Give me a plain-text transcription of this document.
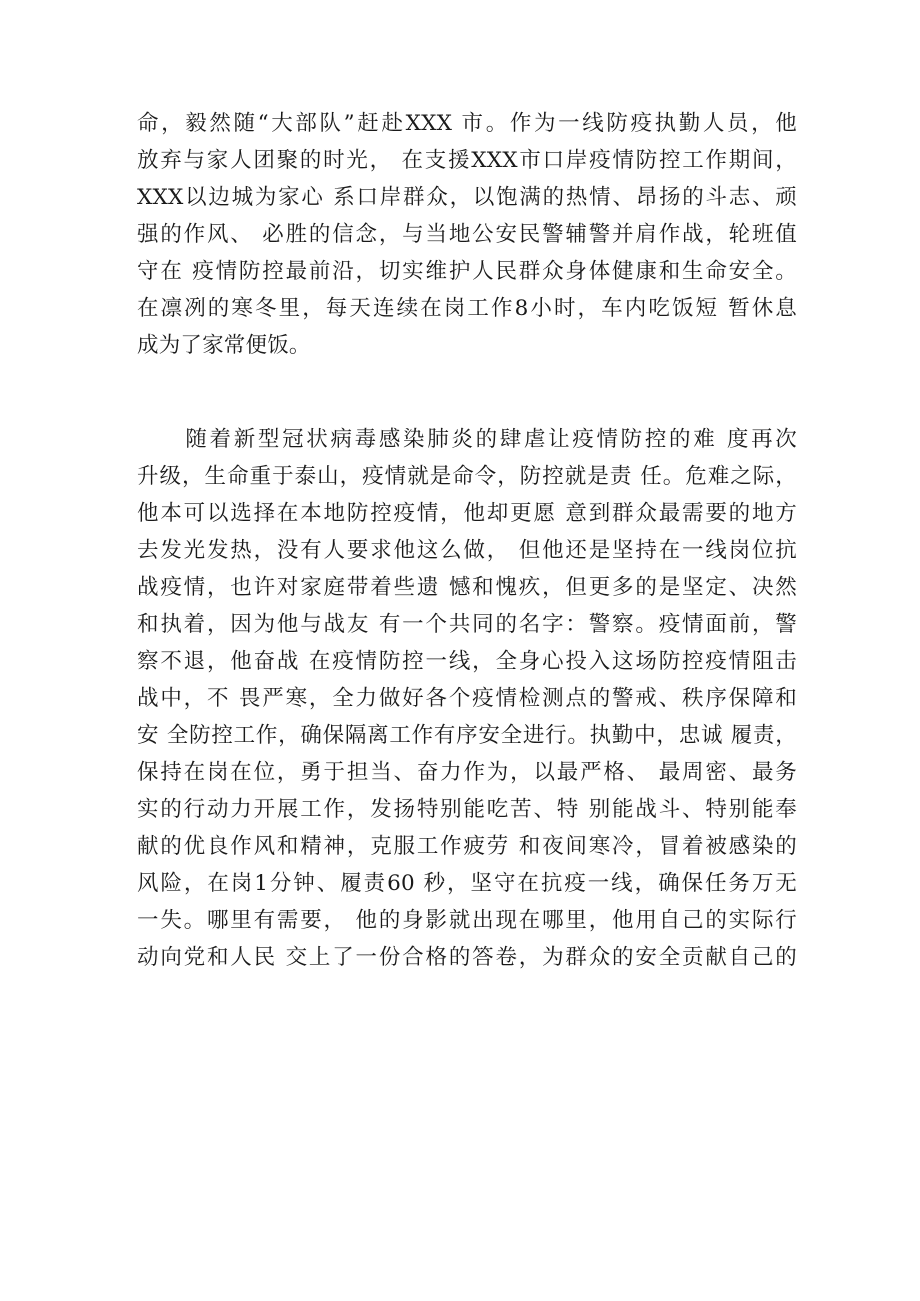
命，毅然随“大部队”赶赴XXX 市。作为一线防疫执勤人员，他
放弃与家人团聚的时光， 在支援XXX市口岸疫情防控工作期间，
XXX以边城为家心 系口岸群众，以饱满的热情、昂扬的斗志、顽
强的作风、 必胜的信念，与当地公安民警辅警并肩作战，轮班值
守在 疫情防控最前沿，切实维护人民群众身体健康和生命安全。
在凛冽的寒冬里，每天连续在岗工作8小时，车内吃饭短 暂休息
成为了家常便饭。
　　随着新型冠状病毒感染肺炎的肆虐让疫情防控的难 度再次
升级，生命重于泰山，疫情就是命令，防控就是责 任。危难之际，
他本可以选择在本地防控疫情，他却更愿 意到群众最需要的地方
去发光发热，没有人要求他这么做， 但他还是坚持在一线岗位抗
战疫情，也许对家庭带着些遗 憾和愧疚，但更多的是坚定、决然
和执着，因为他与战友 有一个共同的名字：警察。疫情面前，警
察不退，他奋战 在疫情防控一线，全身心投入这场防控疫情阻击
战中，不 畏严寒，全力做好各个疫情检测点的警戒、秩序保障和
安 全防控工作，确保隔离工作有序安全进行。执勤中，忠诚 履责，
保持在岗在位，勇于担当、奋力作为，以最严格、 最周密、最务
实的行动力开展工作，发扬特别能吃苦、特 别能战斗、特别能奉
献的优良作风和精神，克服工作疲劳 和夜间寒冷，冒着被感染的
风险，在岗1分钟、履责60 秒，坚守在抗疫一线，确保任务万无
一失。哪里有需要， 他的身影就出现在哪里，他用自己的实际行
动向党和人民 交上了一份合格的答卷，为群众的安全贡献自己的
